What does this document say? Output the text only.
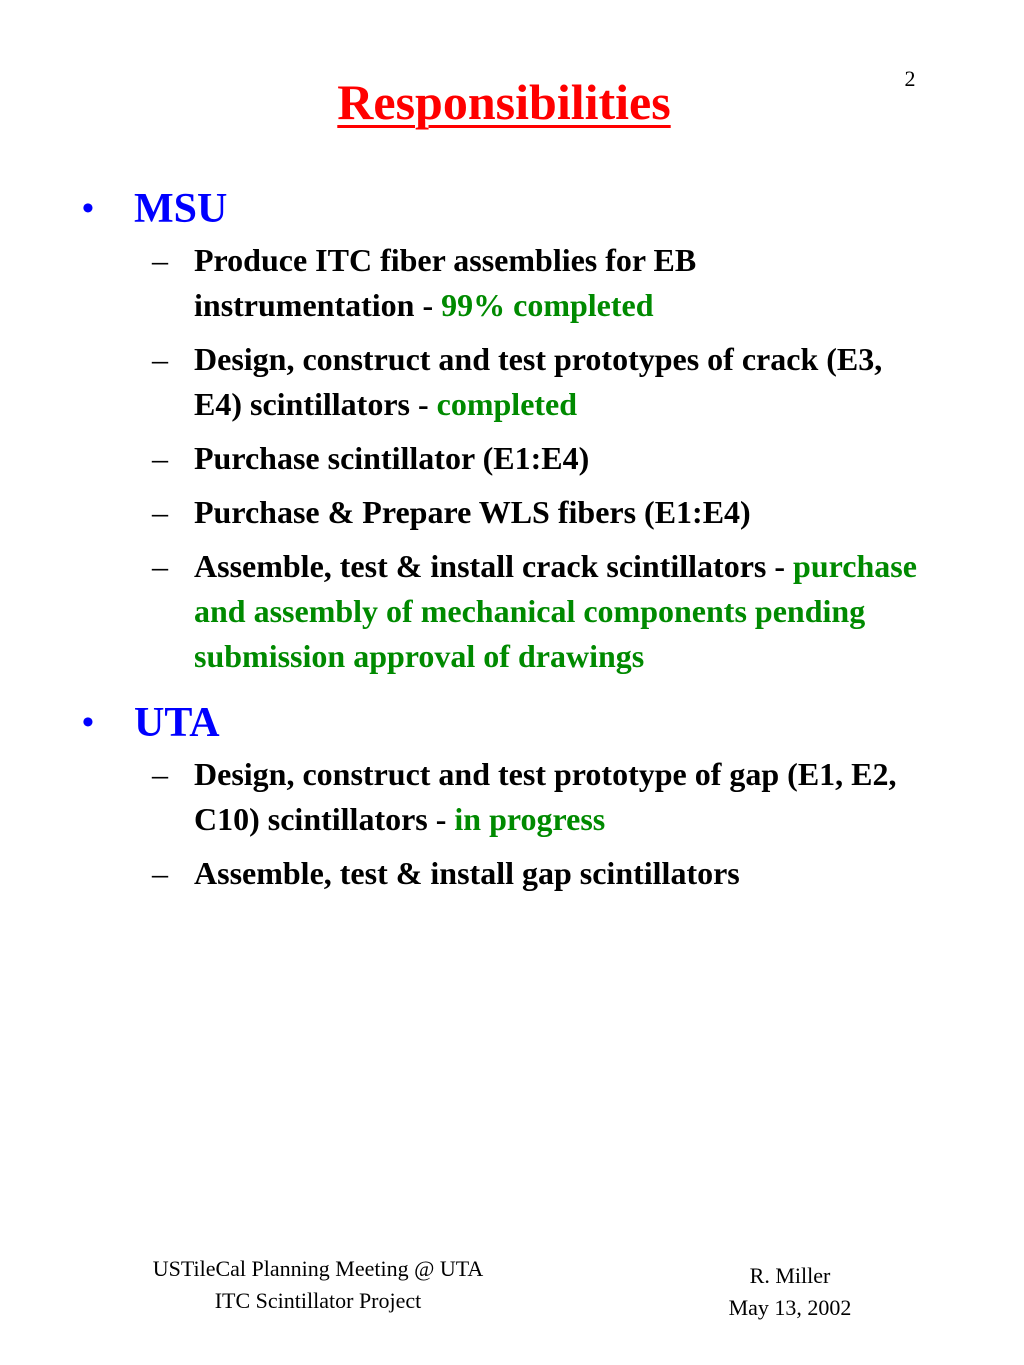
2
Responsibilities
• MSU
– Produce ITC fiber assemblies for EB instrumentation - 99% completed
– Design, construct and test prototypes of crack (E3, E4) scintillators - completed
– Purchase scintillator (E1:E4)
– Purchase & Prepare WLS fibers (E1:E4)
– Assemble, test & install crack scintillators - purchase and assembly of mechanical components pending submission approval of drawings
• UTA
– Design, construct and test prototype of gap (E1, E2, C10) scintillators - in progress
– Assemble, test & install gap scintillators
USTileCal Planning Meeting @ UTA
ITC Scintillator Project
R. Miller
May 13, 2002
